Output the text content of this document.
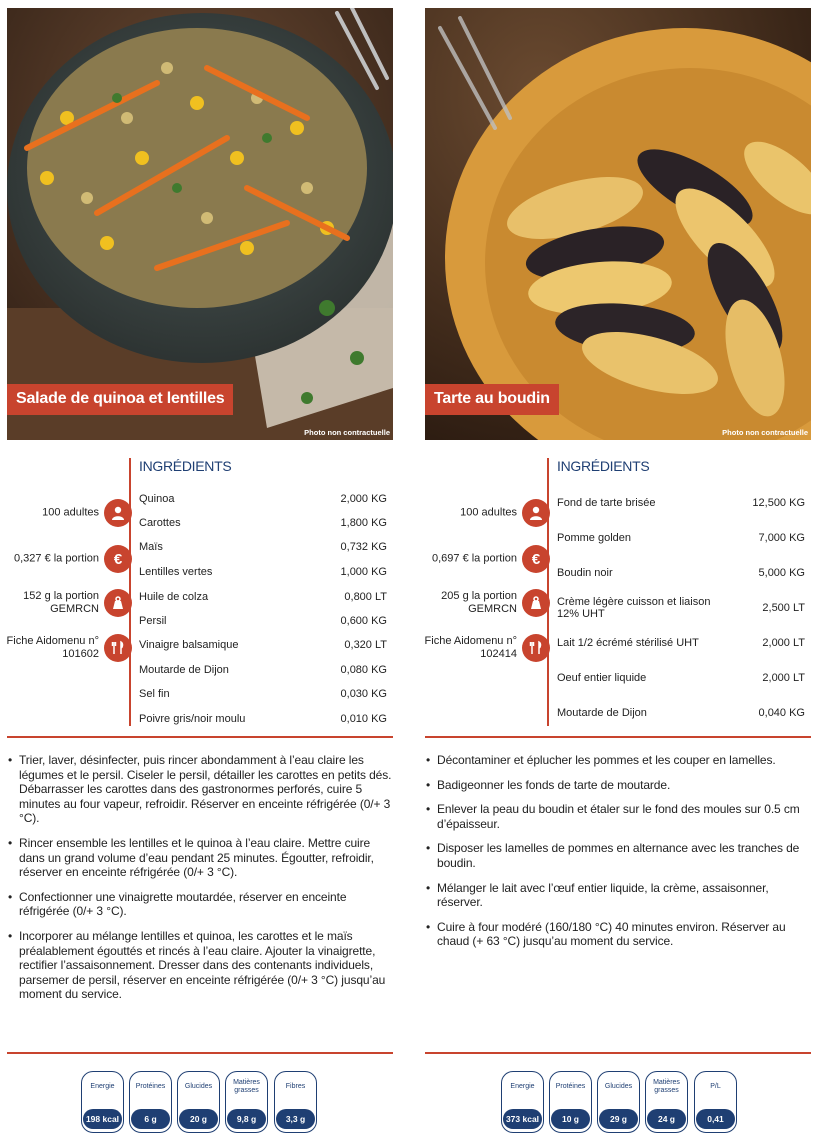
Salade de quinoa et lentilles
Photo non contractuelle
INGRÉDIENTS
100 adultes
0,327 € la portion €
152 g la portion GEMRCN
Fiche Aidomenu n° 101602
Quinoa	2,000 KG
Carottes	1,800 KG
Maïs	0,732 KG
Lentilles vertes	1,000 KG
Huile de colza	0,800 LT
Persil	0,600 KG
Vinaigre balsamique	0,320 LT
Moutarde de Dijon	0,080 KG
Sel fin	0,030 KG
Poivre gris/noir moulu	0,010 KG

• Trier, laver, désinfecter, puis rincer abondamment à l’eau claire les légumes et le persil. Ciseler le persil, détailler les carottes en petits dés. Débarrasser les carottes dans des gastronormes perforés, cuire 5 minutes au four vapeur, refroidir. Réserver en enceinte réfrigérée (0/+ 3 °C).

• Rincer ensemble les lentilles et le quinoa à l’eau claire. Mettre cuire dans un grand volume d’eau pendant 25 minutes. Égoutter, refroidir, réserver en enceinte réfrigérée (0/+ 3 °C).

• Confectionner une vinaigrette moutardée, réserver en enceinte réfrigérée (0/+ 3 °C).

• Incorporer au mélange lentilles et quinoa, les carottes et le maïs préalablement égouttés et rincés à l’eau claire. Ajouter la vinaigrette, rectifier l’assaisonnement. Dresser dans des contenants individuels, parsemer de persil, réserver en enceinte réfrigérée (0/+ 3 °C) jusqu’au moment du service.

Energie
198 kcal
Protéines
6 g
Glucides
20 g
Matières grasses
9,8 g
Fibres
3,3 g
Tarte au boudin
Photo non contractuelle
INGRÉDIENTS
100 adultes
0,697 € la portion €
205 g la portion GEMRCN
Fiche Aidomenu n° 102414
Fond de tarte brisée	12,500 KG
Pomme golden	7,000 KG
Boudin noir	5,000 KG
Crème légère cuisson et liaison 12% UHT	2,500 LT
Lait 1/2 écrémé stérilisé UHT	2,000 LT
Oeuf entier liquide	2,000 LT
Moutarde de Dijon	0,040 KG

• Décontaminer et éplucher les pommes et les couper en lamelles.

• Badigeonner les fonds de tarte de moutarde.

• Enlever la peau du boudin et étaler sur le fond des moules sur 0.5 cm d’épaisseur.

• Disposer les lamelles de pommes en alternance avec les tranches de boudin.

• Mélanger le lait avec l’œuf entier liquide, la crème, assaisonner, réserver.

• Cuire à four modéré (160/180 °C) 40 minutes environ. Réserver au chaud (+ 63 °C) jusqu’au moment du service.

Energie
373 kcal
Protéines
10 g
Glucides
29 g
Matières grasses
24 g
P/L
0,41
